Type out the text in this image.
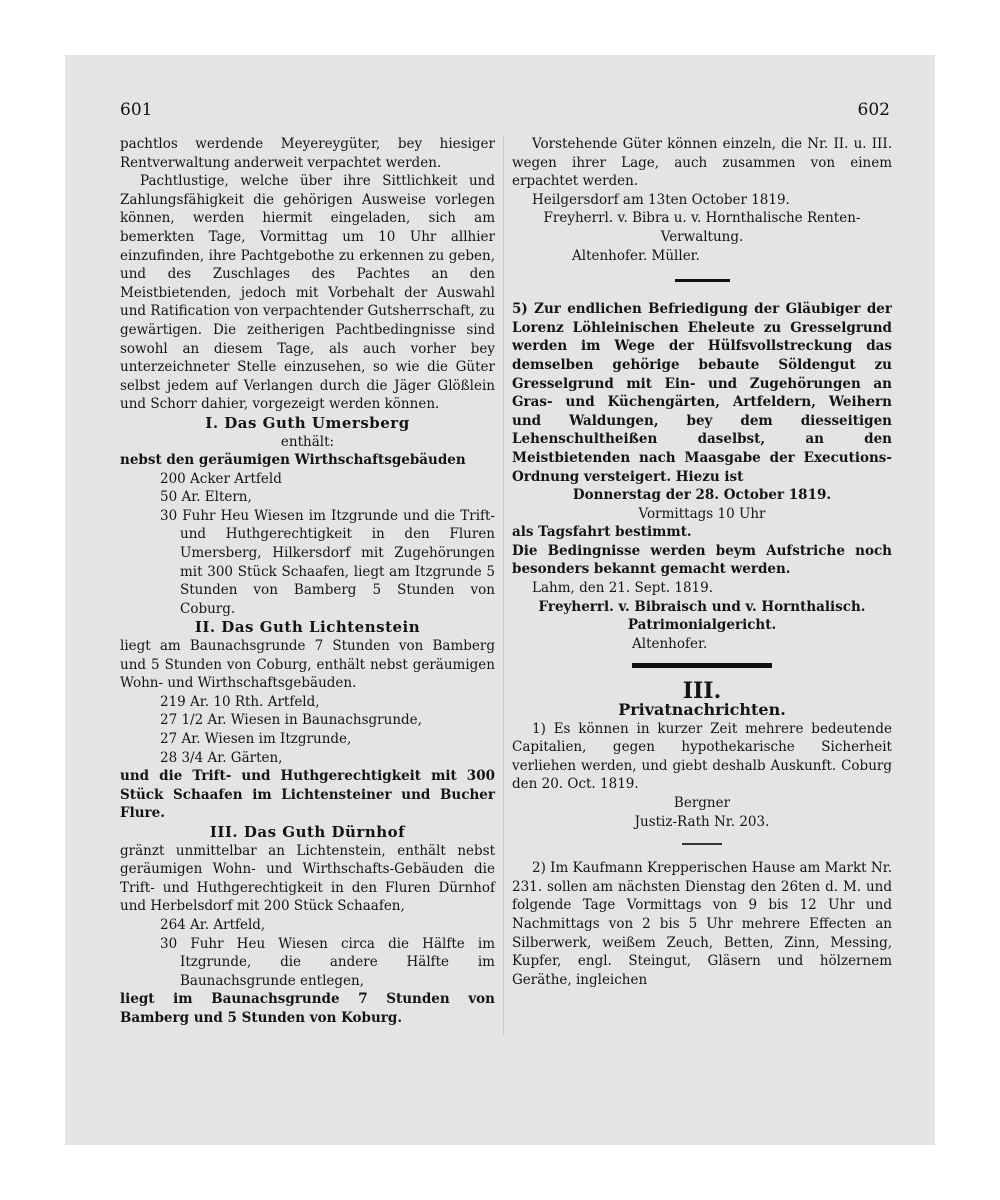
601	602

pachtlos werdende Meyereygüter, bey hiesiger Rentverwaltung anderweit verpachtet werden.

Pachtlustige, welche über ihre Sittlichkeit und Zahlungsfähigkeit die gehörigen Ausweise vorlegen können, werden hiermit eingeladen, sich am bemerkten Tage, Vormittag um 10 Uhr allhier einzufinden, ihre Pachtgebothe zu erkennen zu geben, und des Zuschlages des Pachtes an den Meistbietenden, jedoch mit Vorbehalt der Auswahl und Ratification von verpachtender Gutsherrschaft, zu gewärtigen. Die zeitherigen Pachtbedingnisse sind sowohl an diesem Tage, als auch vorher bey unterzeichneter Stelle einzusehen, so wie die Güter selbst jedem auf Verlangen durch die Jäger Glößlein und Schorr dahier, vorgezeigt werden können.

I. Das Guth Umersberg

enthält:

nebst den geräumigen Wirthschaftsgebäuden

200 Acker Artfeld

50 Ar. Eltern,

30 Fuhr Heu Wiesen im Itzgrunde und die Trift- und Huthgerechtigkeit in den Fluren Umersberg, Hilkersdorf mit Zugehörungen mit 300 Stück Schaafen, liegt am Itzgrunde 5 Stunden von Bamberg 5 Stunden von Coburg.

II. Das Guth Lichtenstein

liegt am Baunachsgrunde 7 Stunden von Bamberg und 5 Stunden von Coburg, enthält nebst geräumigen Wohn- und Wirthschaftsgebäuden.

219 Ar. 10 Rth. Artfeld,

27 1/2 Ar. Wiesen in Baunachsgrunde,

27 Ar. Wiesen im Itzgrunde,

28 3/4 Ar. Gärten,

und die Trift- und Huthgerechtigkeit mit 300 Stück Schaafen im Lichtensteiner und Bucher Flure.

III. Das Guth Dürnhof

gränzt unmittelbar an Lichtenstein, enthält nebst geräumigen Wohn- und Wirthschafts-Gebäuden die Trift- und Huthgerechtigkeit in den Fluren Dürnhof und Herbelsdorf mit 200 Stück Schaafen,

264 Ar. Artfeld,

30 Fuhr Heu Wiesen circa die Hälfte im Itzgrunde, die andere Hälfte im Baunachsgrunde entlegen,

liegt im Baunachsgrunde 7 Stunden von Bamberg und 5 Stunden von Koburg.

Vorstehende Güter können einzeln, die Nr. II. u. III. wegen ihrer Lage, auch zusammen von einem erpachtet werden.

Heilgersdorf am 13ten October 1819.

Freyherrl. v. Bibra u. v. Hornthalische Renten-Verwaltung.

Altenhofer. Müller.

5) Zur endlichen Befriedigung der Gläubiger der Lorenz Löhleinischen Eheleute zu Gresselgrund werden im Wege der Hülfsvollstreckung das demselben gehörige bebaute Söldengut zu Gresselgrund mit Ein- und Zugehörungen an Gras- und Küchengärten, Artfeldern, Weihern und Waldungen, bey dem diesseitigen Lehenschultheißen daselbst, an den Meistbietenden nach Maasgabe der Executions-Ordnung versteigert. Hiezu ist

Donnerstag der 28. October 1819.

Vormittags 10 Uhr

als Tagsfahrt bestimmt.

Die Bedingnisse werden beym Aufstriche noch besonders bekannt gemacht werden.

Lahm, den 21. Sept. 1819.

Freyherrl. v. Bibraisch und v. Hornthalisch. Patrimonialgericht.

Altenhofer.

III.

Privatnachrichten.

1) Es können in kurzer Zeit mehrere bedeutende Capitalien, gegen hypothekarische Sicherheit verliehen werden, und giebt deshalb Auskunft. Coburg den 20. Oct. 1819.

Bergner

Justiz-Rath Nr. 203.

2) Im Kaufmann Krepperischen Hause am Markt Nr. 231. sollen am nächsten Dienstag den 26ten d. M. und folgende Tage Vormittags von 9 bis 12 Uhr und Nachmittags von 2 bis 5 Uhr mehrere Effecten an Silberwerk, weißem Zeuch, Betten, Zinn, Messing, Kupfer, engl. Steingut, Gläsern und hölzernem Geräthe, ingleichen
